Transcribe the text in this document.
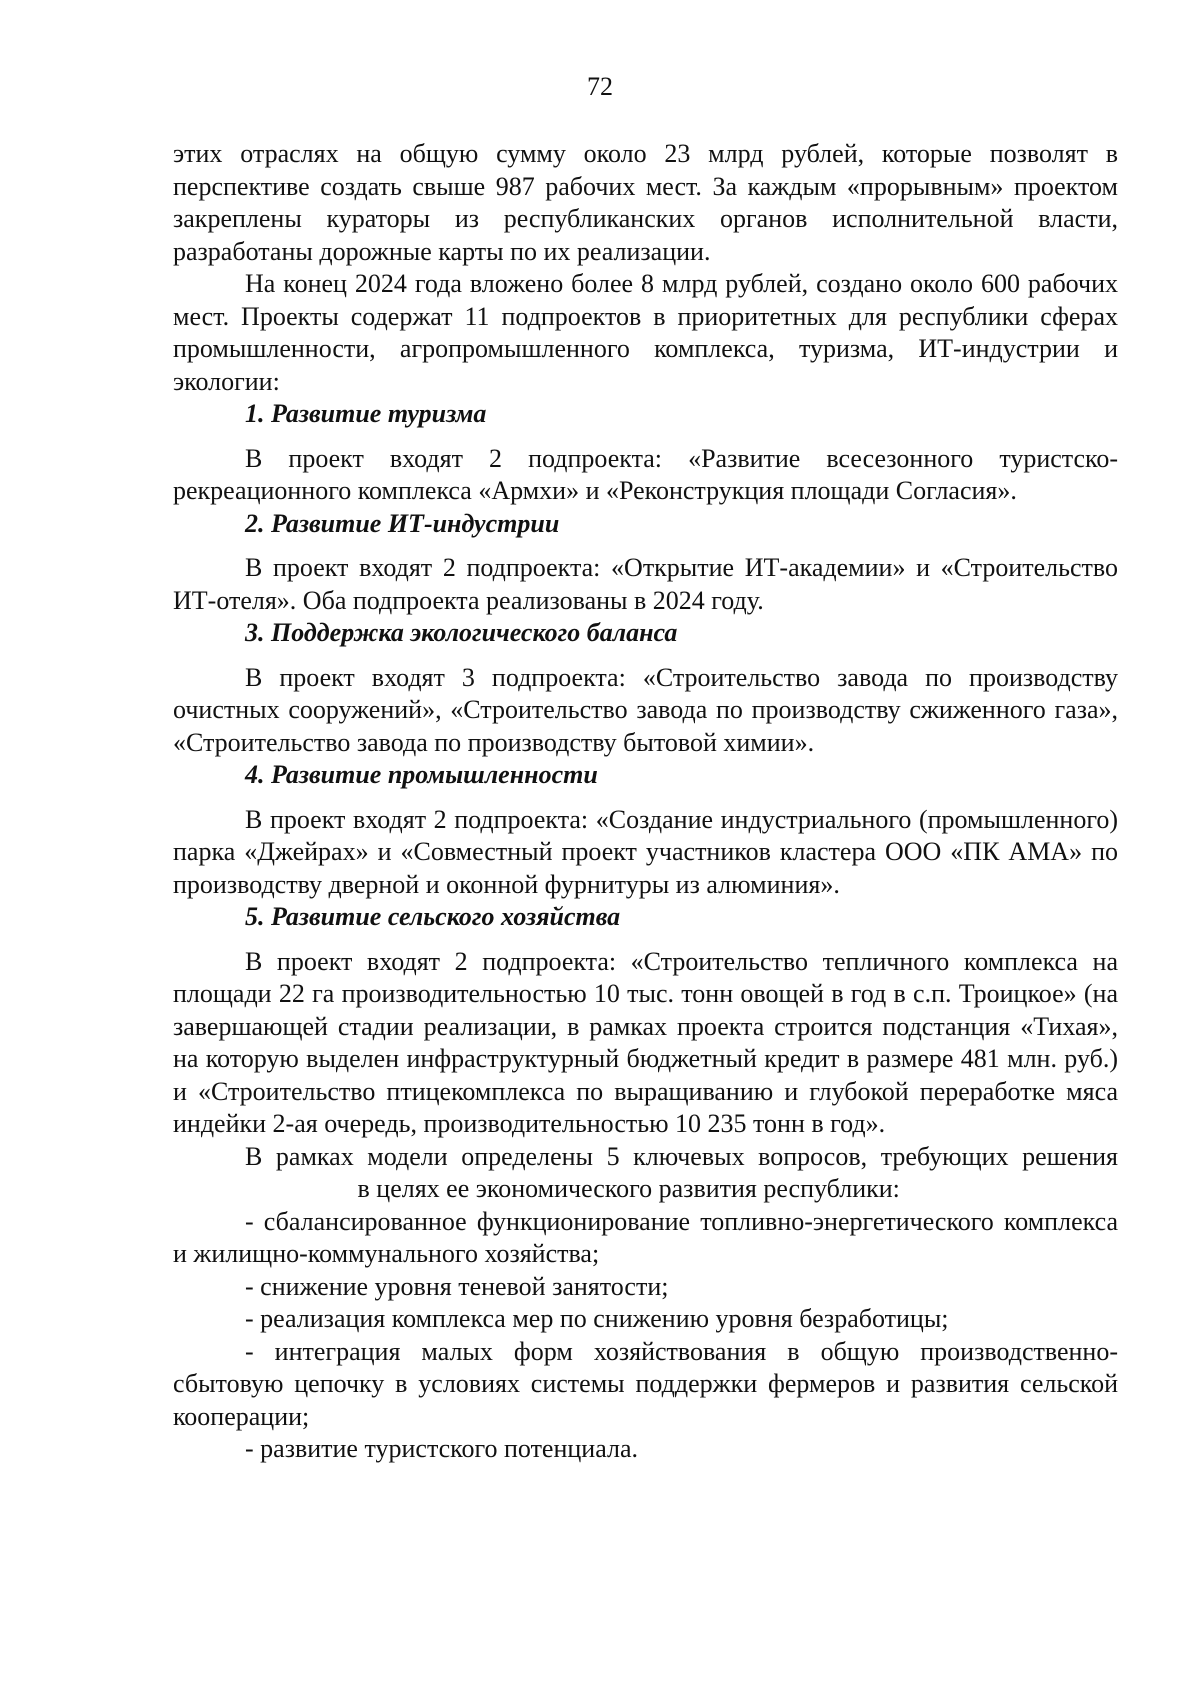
72

этих отраслях на общую сумму около 23 млрд рублей, которые позволят в перспективе создать свыше 987 рабочих мест. За каждым «прорывным» проектом закреплены кураторы из республиканских органов исполнительной власти, разработаны дорожные карты по их реализации.

На конец 2024 года вложено более 8 млрд рублей, создано около 600 рабочих мест. Проекты содержат 11 подпроектов в приоритетных для республики сферах промышленности, агропромышленного комплекса, туризма, ИТ-индустрии и экологии:

1. Развитие туризма

В проект входят 2 подпроекта: «Развитие всесезонного туристско-рекреационного комплекса «Армхи» и «Реконструкция площади Согласия».

2. Развитие ИТ-индустрии

В проект входят 2 подпроекта: «Открытие ИТ-академии» и «Строительство ИТ-отеля». Оба подпроекта реализованы в 2024 году.

3. Поддержка экологического баланса

В проект входят 3 подпроекта: «Строительство завода по производству очистных сооружений», «Строительство завода по производству сжиженного газа», «Строительство завода по производству бытовой химии».

4. Развитие промышленности

В проект входят 2 подпроекта: «Создание индустриального (промышленного) парка «Джейрах» и «Совместный проект участников кластера ООО «ПК АМА» по производству дверной и оконной фурнитуры из алюминия».

5. Развитие сельского хозяйства

В проект входят 2 подпроекта: «Строительство тепличного комплекса на площади 22 га производительностью 10 тыс. тонн овощей в год в с.п. Троицкое» (на завершающей стадии реализации, в рамках проекта строится подстанция «Тихая», на которую выделен инфраструктурный бюджетный кредит в размере 481 млн. руб.) и «Строительство птицекомплекса по выращиванию и глубокой переработке мяса индейки 2-ая очередь, производительностью 10 235 тонн в год».

В рамках модели определены 5 ключевых вопросов, требующих решения  в целях ее экономического развития республики:

- сбалансированное функционирование топливно-энергетического комплекса и жилищно-коммунального хозяйства;

- снижение уровня теневой занятости;

- реализация комплекса мер по снижению уровня безработицы;

- интеграция малых форм хозяйствования в общую производственно-сбытовую цепочку в условиях системы поддержки фермеров и развития сельской кооперации;

- развитие туристского потенциала.
